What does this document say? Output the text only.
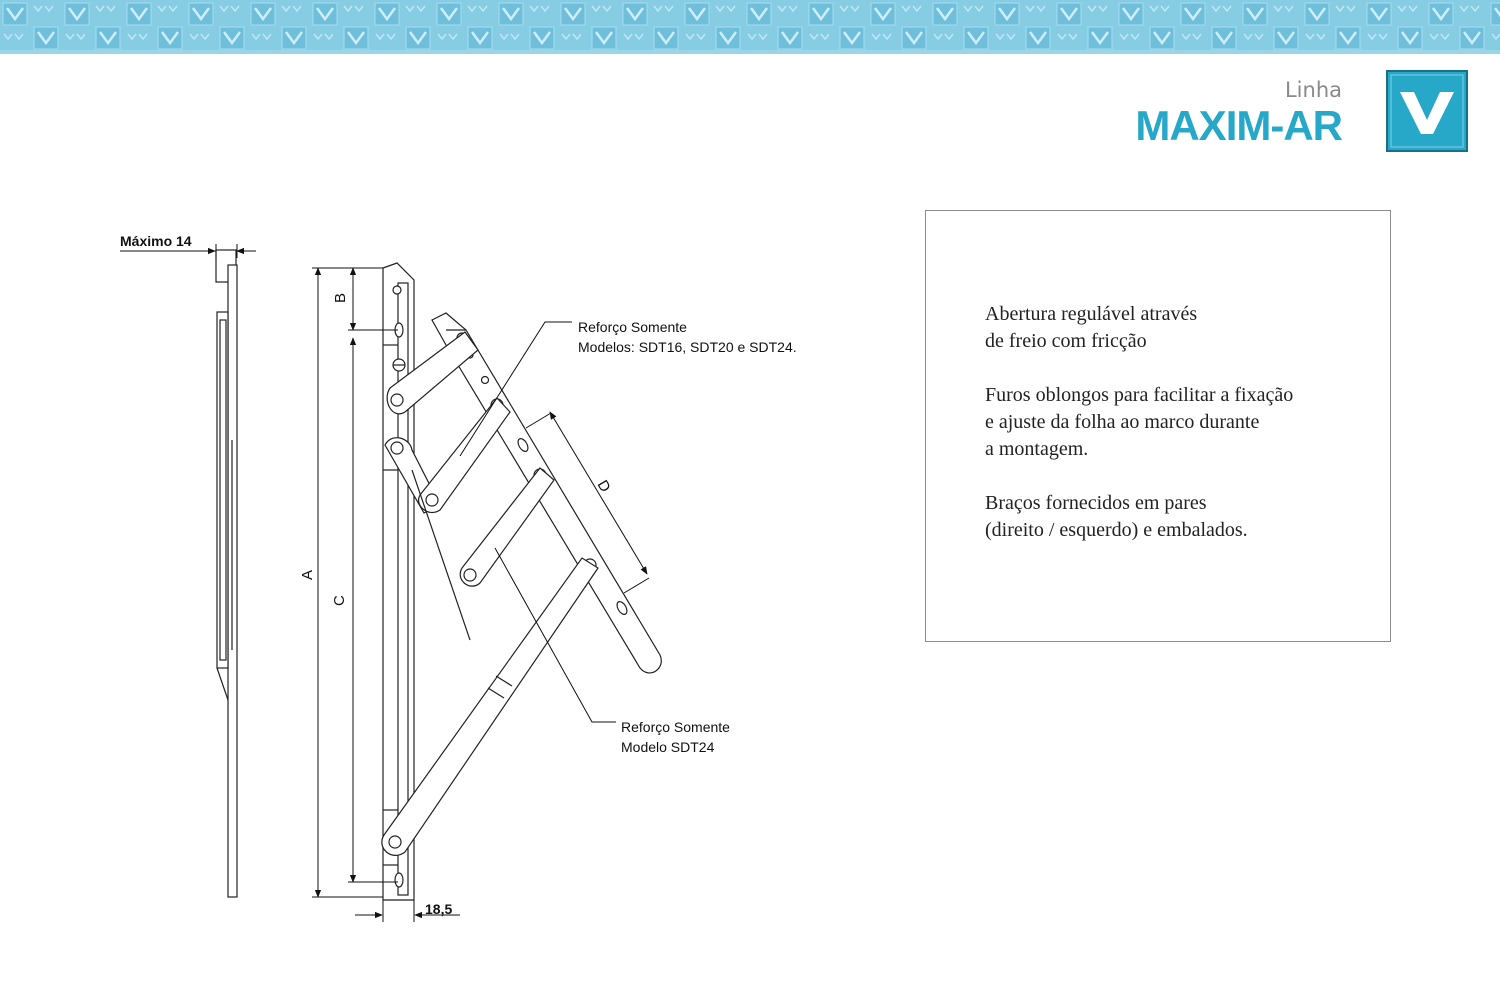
Linha
MAXIM-AR
Máximo 14
A
B
C
D
18,5
Reforço Somente
Modelos: SDT16, SDT20 e SDT24.
Reforço Somente
Modelo SDT24

Abertura regulável através
de freio com fricção

Furos oblongos para facilitar a fixação
e ajuste da folha ao marco durante
a montagem.

Braços fornecidos em pares
(direito / esquerdo) e embalados.
